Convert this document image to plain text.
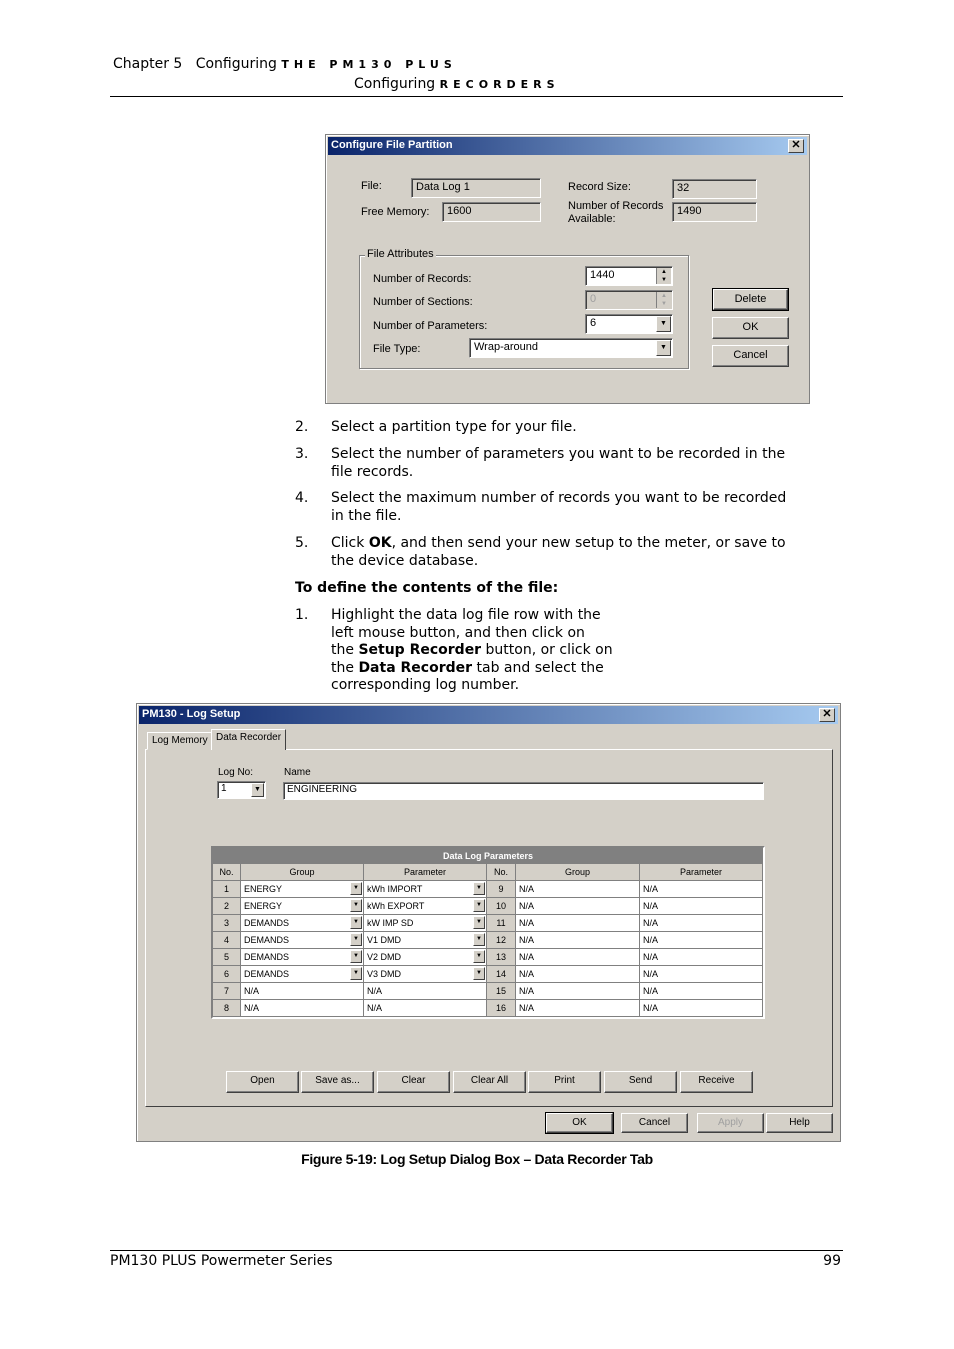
Chapter 5 Configuring THE PM130 PLUS
Configuring RECORDERS
Configure File Partition	✕
File:	Data Log 1
Free Memory:	1600
Record Size:	32
Number of Records
Available:
1490
File Attributes
Number of Records:	1440	▲
▼
Number of Sections:	0	▲
▼
Number of Parameters:	6	▼
File Type:	Wrap-around	▼
Delete
OK
Cancel
2. Select a partition type for your file.
3. Select the number of parameters you want to be recorded in the file records.
4. Select the maximum number of records you want to be recorded in the file.
5. Click OK, and then send your new setup to the meter, or save to the device database.
To define the contents of the file:
1. Highlight the data log file row with the
left mouse button, and then click on
the Setup Recorder button, or click on
the Data Recorder tab and select the
corresponding log number.
PM130 - Log Setup	✕
Log Memory Data Recorder
Log No:
1	▼
Name
ENGINEERING
Data Log Parameters
No.	Group	Parameter	No.	Group	Parameter
1	ENERGY	▼ kWh IMPORT	▼	9	N/A	N/A
2	ENERGY	▼ kWh EXPORT	▼	10	N/A	N/A
3	DEMANDS	▼ kW IMP SD	▼	11	N/A	N/A
4	DEMANDS	▼ V1 DMD	▼	12	N/A	N/A
5	DEMANDS	▼ V2 DMD	▼	13	N/A	N/A
6	DEMANDS	▼ V3 DMD	▼	14	N/A	N/A
7	N/A	N/A	15	N/A	N/A
8	N/A	N/A	16	N/A	N/A
Open	Save as...	Clear	Clear All	Print	Send	Receive
OK	Cancel	Apply	Help
Figure 5-19: Log Setup Dialog Box – Data Recorder Tab
PM130 PLUS Powermeter Series	99
